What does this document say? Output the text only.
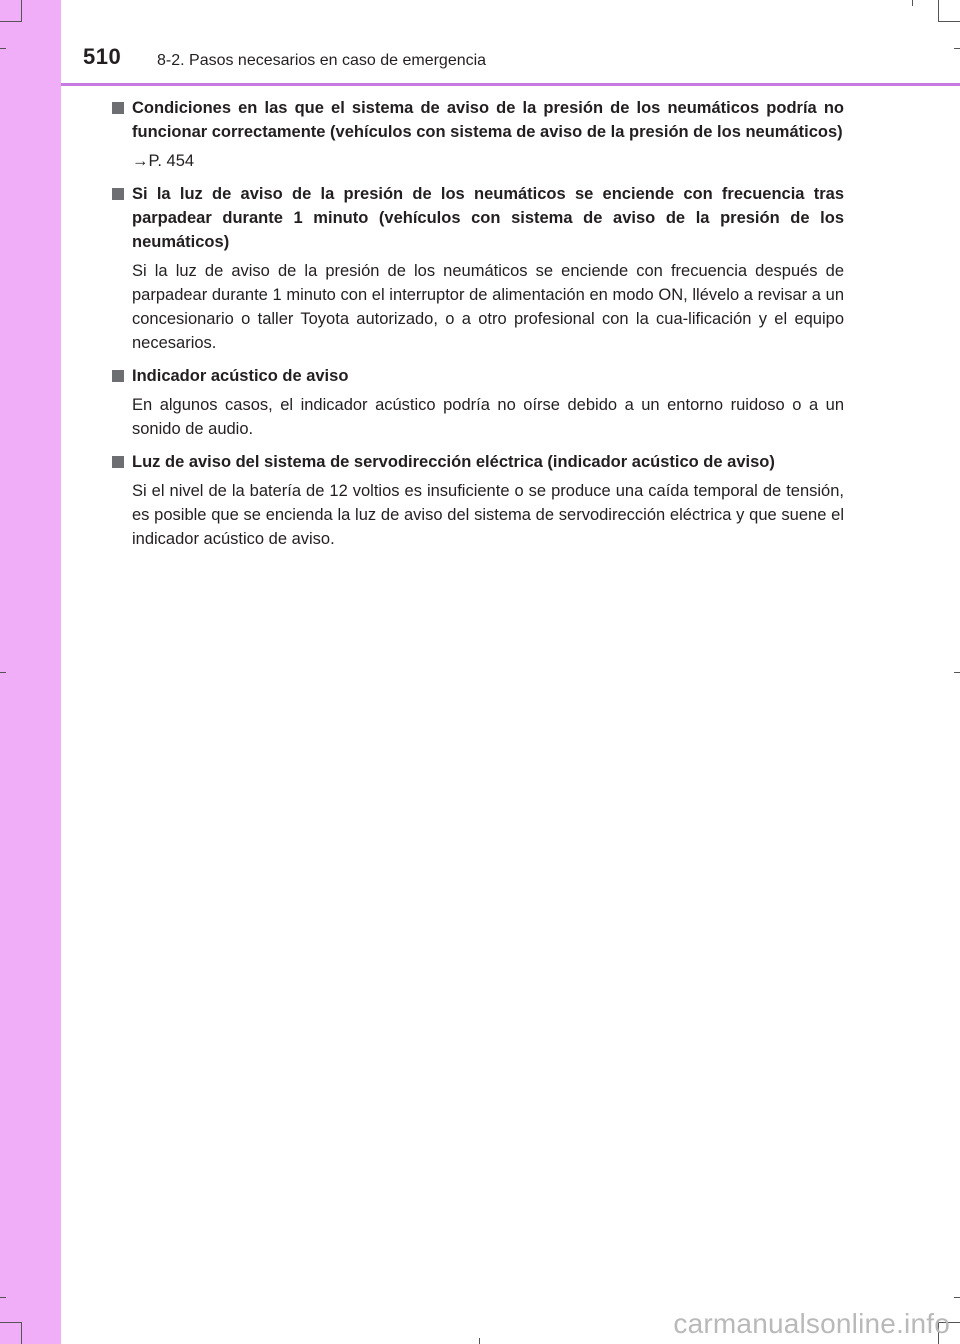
510 8-2. Pasos necesarios en caso de emergencia
Condiciones en las que el sistema de aviso de la presión de los neumáticos podría no funcionar correctamente (vehículos con sistema de aviso de la presión de los neumáticos)
→P. 454
Si la luz de aviso de la presión de los neumáticos se enciende con frecuencia tras parpadear durante 1 minuto (vehículos con sistema de aviso de la presión de los neumáticos)
Si la luz de aviso de la presión de los neumáticos se enciende con frecuencia después de parpadear durante 1 minuto con el interruptor de alimentación en modo ON, llévelo a revisar a un concesionario o taller Toyota autorizado, o a otro profesional con la cua-lificación y el equipo necesarios.
Indicador acústico de aviso
En algunos casos, el indicador acústico podría no oírse debido a un entorno ruidoso o a un sonido de audio.
Luz de aviso del sistema de servodirección eléctrica (indicador acústico de aviso)
Si el nivel de la batería de 12 voltios es insuficiente o se produce una caída temporal de tensión, es posible que se encienda la luz de aviso del sistema de servodirección eléctrica y que suene el indicador acústico de aviso.
carmanualsonline.info
